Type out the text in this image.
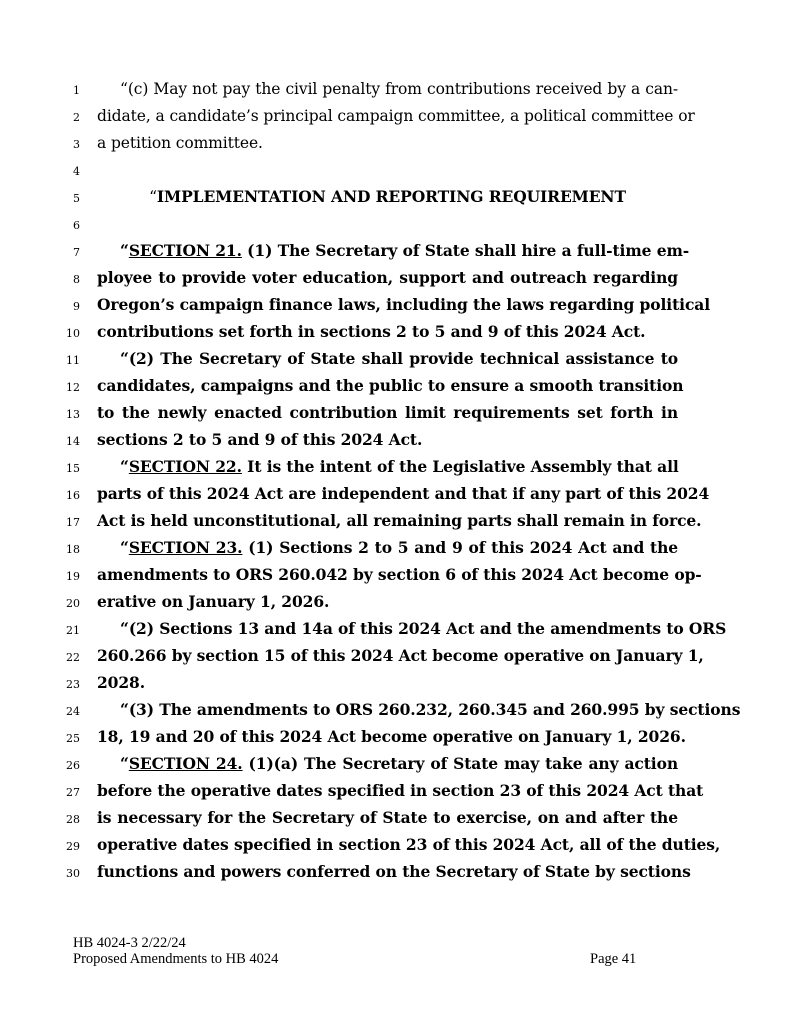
1	“(c) May not pay the civil penalty from contributions received by a can-
2 didate, a candidate’s principal campaign committee, a political committee or
3 a petition committee.
4
5	“IMPLEMENTATION AND REPORTING REQUIREMENT
6
7	“SECTION 21. (1) The Secretary of State shall hire a full-time em-
8 ployee to provide voter education, support and outreach regarding
9 Oregon’s campaign finance laws, including the laws regarding political
10 contributions set forth in sections 2 to 5 and 9 of this 2024 Act.
11	“(2) The Secretary of State shall provide technical assistance to
12 candidates, campaigns and the public to ensure a smooth transition
13 to the newly enacted contribution limit requirements set forth in
14 sections 2 to 5 and 9 of this 2024 Act.
15	“SECTION 22. It is the intent of the Legislative Assembly that all
16 parts of this 2024 Act are independent and that if any part of this 2024
17 Act is held unconstitutional, all remaining parts shall remain in force.
18	“SECTION 23. (1) Sections 2 to 5 and 9 of this 2024 Act and the
19 amendments to ORS 260.042 by section 6 of this 2024 Act become op-
20 erative on January 1, 2026.
21	“(2) Sections 13 and 14a of this 2024 Act and the amendments to ORS
22 260.266 by section 15 of this 2024 Act become operative on January 1,
23 2028.
24	“(3) The amendments to ORS 260.232, 260.345 and 260.995 by sections
25 18, 19 and 20 of this 2024 Act become operative on January 1, 2026.
26	“SECTION 24. (1)(a) The Secretary of State may take any action
27 before the operative dates specified in section 23 of this 2024 Act that
28 is necessary for the Secretary of State to exercise, on and after the
29 operative dates specified in section 23 of this 2024 Act, all of the duties,
30 functions and powers conferred on the Secretary of State by sections
HB 4024-3 2/22/24
Proposed Amendments to HB 4024	Page 41
